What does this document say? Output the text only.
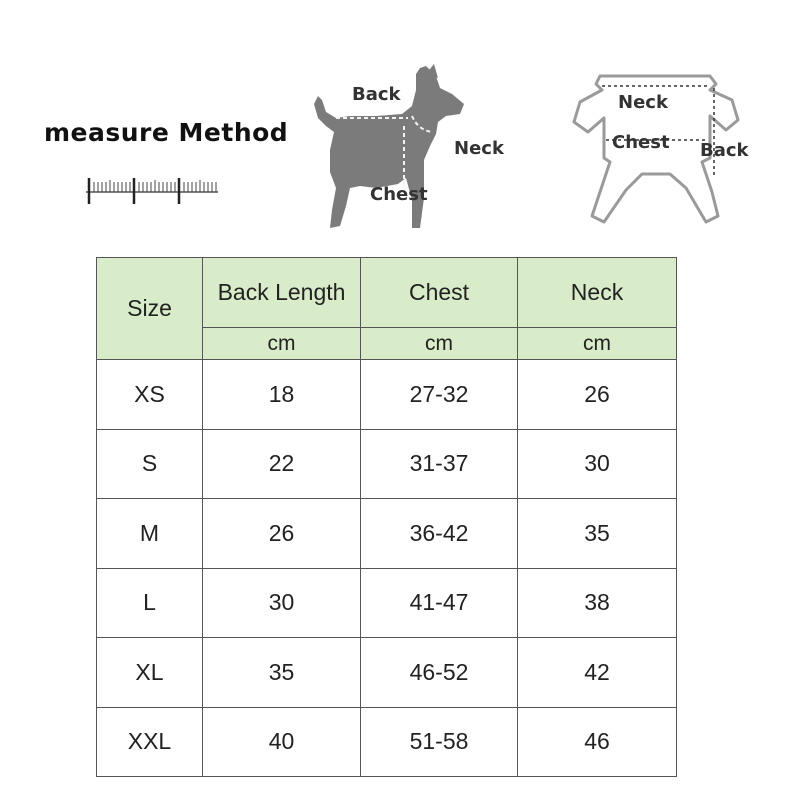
measure Method
Back
Neck
Chest
Neck
Chest Back
Size	Back Length	Chest	Neck
	cm	cm	cm
XS	18	27-32	26
S	22	31-37	30
M	26	36-42	35
L	30	41-47	38
XL	35	46-52	42
XXL	40	51-58	46
